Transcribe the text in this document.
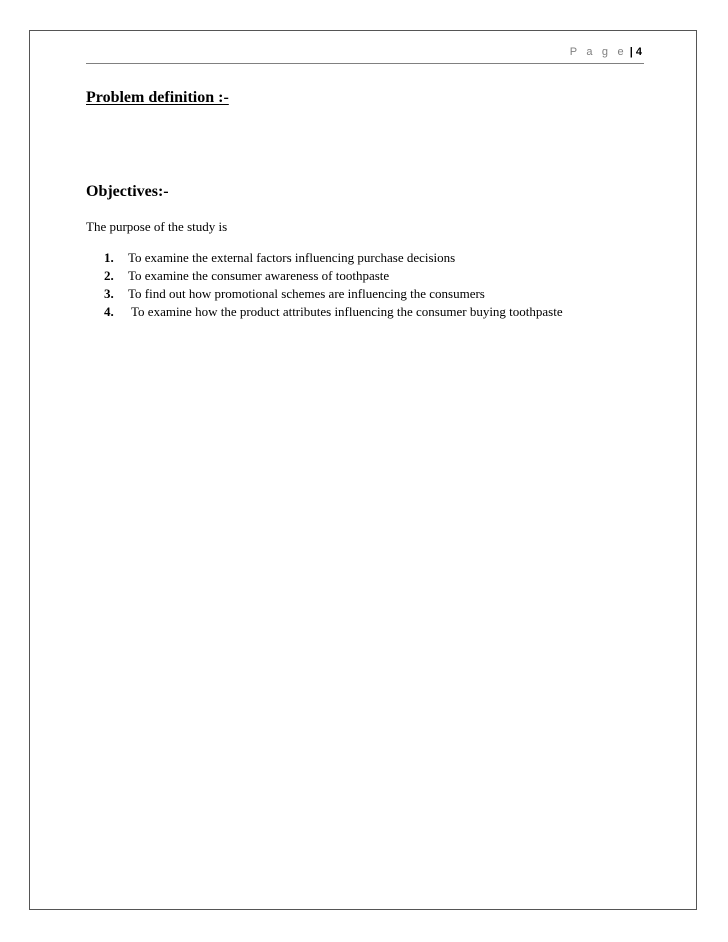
P a g e | 4
Problem definition :-
Objectives:-
The purpose of the study is
1.	To examine the external factors influencing purchase decisions
2.	To examine the consumer awareness of toothpaste
3.	To find out how promotional schemes are influencing the consumers
4.	To examine how the product attributes influencing the consumer buying toothpaste
